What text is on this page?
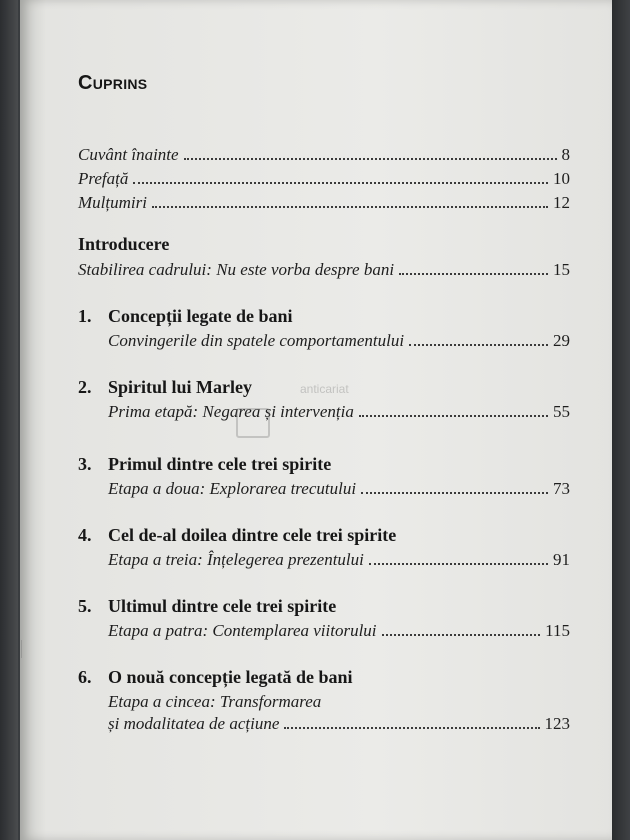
Cuprins
Cuvânt înainte	8
Prefață	10
Mulțumiri	12
Introducere
Stabilirea cadrului: Nu este vorba despre bani	15
1. Concepții legate de bani
Convingerile din spatele comportamentului	29
2. Spiritul lui Marley
Prima etapă: Negarea și intervenția	55
3. Primul dintre cele trei spirite
Etapa a doua: Explorarea trecutului	73
4. Cel de-al doilea dintre cele trei spirite
Etapa a treia: Înțelegerea prezentului	91
5. Ultimul dintre cele trei spirite
Etapa a patra: Contemplarea viitorului	115
6. O nouă concepție legată de bani
Etapa a cincea: Transformarea
și modalitatea de acțiune	123
anticariat
